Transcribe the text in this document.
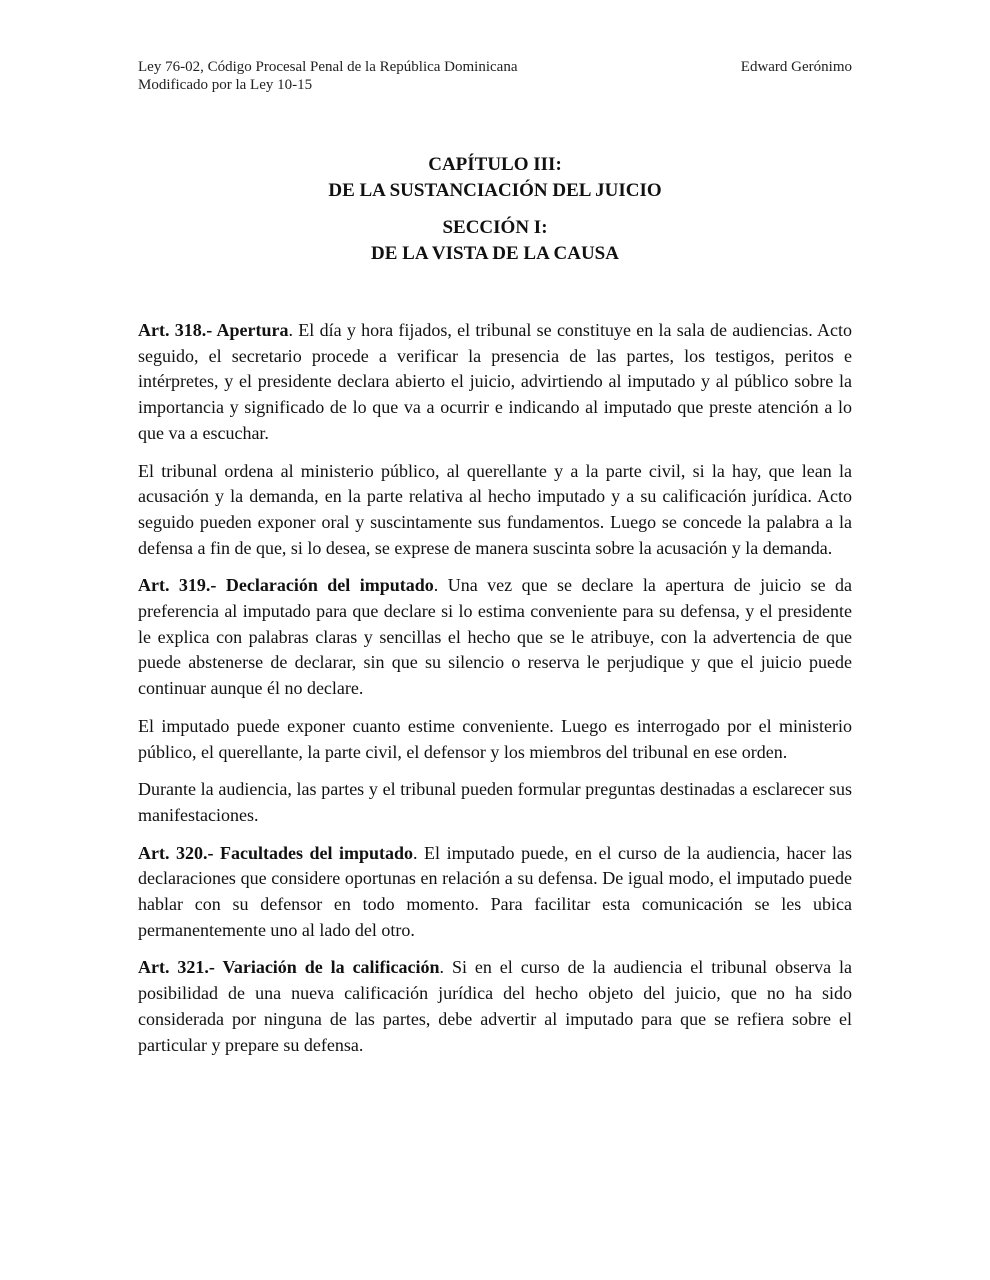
Ley 76-02, Código Procesal Penal de la República Dominicana	Edward Gerónimo
Modificado por la Ley 10-15
CAPÍTULO III:
DE LA SUSTANCIACIÓN DEL JUICIO
SECCIÓN I:
DE LA VISTA DE LA CAUSA

Art. 318.- Apertura. El día y hora fijados, el tribunal se constituye en la sala de audiencias. Acto seguido, el secretario procede a verificar la presencia de las partes, los testigos, peritos e intérpretes, y el presidente declara abierto el juicio, advirtiendo al imputado y al público sobre la importancia y significado de lo que va a ocurrir e indicando al imputado que preste atención a lo que va a escuchar.

El tribunal ordena al ministerio público, al querellante y a la parte civil, si la hay, que lean la acusación y la demanda, en la parte relativa al hecho imputado y a su calificación jurídica. Acto seguido pueden exponer oral y suscintamente sus fundamentos. Luego se concede la palabra a la defensa a fin de que, si lo desea, se exprese de manera suscinta sobre la acusación y la demanda.

Art. 319.- Declaración del imputado. Una vez que se declare la apertura de juicio se da preferencia al imputado para que declare si lo estima conveniente para su defensa, y el presidente le explica con palabras claras y sencillas el hecho que se le atribuye, con la advertencia de que puede abstenerse de declarar, sin que su silencio o reserva le perjudique y que el juicio puede continuar aunque él no declare.

El imputado puede exponer cuanto estime conveniente. Luego es interrogado por el ministerio público, el querellante, la parte civil, el defensor y los miembros del tribunal en ese orden.

Durante la audiencia, las partes y el tribunal pueden formular preguntas destinadas a esclarecer sus manifestaciones.

Art. 320.- Facultades del imputado. El imputado puede, en el curso de la audiencia, hacer las declaraciones que considere oportunas en relación a su defensa. De igual modo, el imputado puede hablar con su defensor en todo momento. Para facilitar esta comunicación se les ubica permanentemente uno al lado del otro.

Art. 321.- Variación de la calificación. Si en el curso de la audiencia el tribunal observa la posibilidad de una nueva calificación jurídica del hecho objeto del juicio, que no ha sido considerada por ninguna de las partes, debe advertir al imputado para que se refiera sobre el particular y prepare su defensa.
